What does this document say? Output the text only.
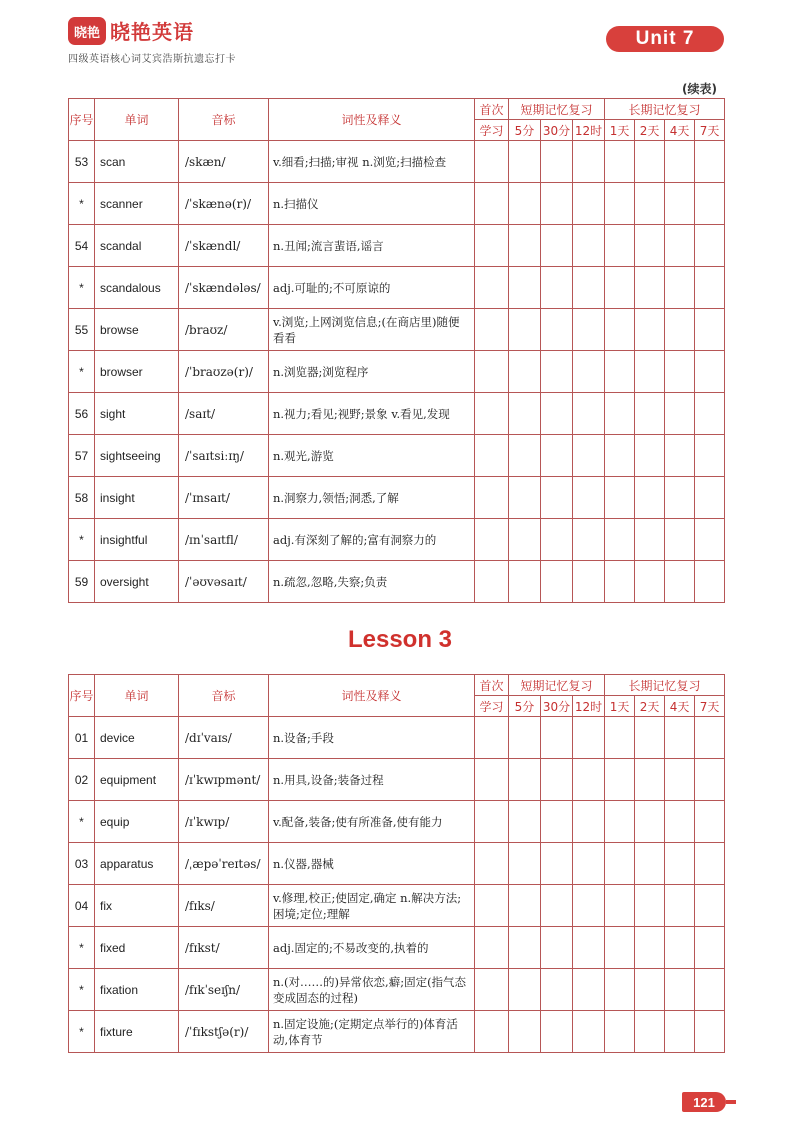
晓艳 晓艳英语
四级英语核心词艾宾浩斯抗遗忘打卡
Unit 7
(续表)
序号	单词	音标	词性及释义	首次	短期记忆复习			长期记忆复习			
				学习	5分	30分	12时	1天	2天	4天	7天
53	scan	/skæn/	v.细看;扫描;审视 n.浏览;扫描检查								
*	scanner	/ˈskænə(r)/	n.扫描仪								
54	scandal	/ˈskændl/	n.丑闻;流言蜚语,谣言								
*	scandalous	/ˈskændələs/	adj.可耻的;不可原谅的								
55	browse	/braʊz/	v.浏览;上网浏览信息;(在商店里)随便看看								
*	browser	/ˈbraʊzə(r)/	n.浏览器;浏览程序								
56	sight	/saɪt/	n.视力;看见;视野;景象 v.看见,发现								
57	sightseeing	/ˈsaɪtsiːɪŋ/	n.观光,游览								
58	insight	/ˈɪnsaɪt/	n.洞察力,领悟;洞悉,了解								
*	insightful	/ɪnˈsaɪtfl/	adj.有深刻了解的;富有洞察力的								
59	oversight	/ˈəʊvəsaɪt/	n.疏忽,忽略,失察;负责								
Lesson 3
序号	单词	音标	词性及释义	首次	短期记忆复习			长期记忆复习			
				学习	5分	30分	12时	1天	2天	4天	7天
01	device	/dɪˈvaɪs/	n.设备;手段								
02	equipment	/ɪˈkwɪpmənt/	n.用具,设备;装备过程								
*	equip	/ɪˈkwɪp/	v.配备,装备;使有所准备,使有能力								
03	apparatus	/ˌæpəˈreɪtəs/	n.仪器,器械								
04	fix	/fɪks/	v.修理,校正;使固定,确定 n.解决方法;困境;定位;理解								
*	fixed	/fɪkst/	adj.固定的;不易改变的,执着的								
*	fixation	/fɪkˈseɪʃn/	n.(对……的)异常依恋,癖;固定(指气态变成固态的过程)								
*	fixture	/ˈfɪkstʃə(r)/	n.固定设施;(定期定点举行的)体育活动,体育节								
121
